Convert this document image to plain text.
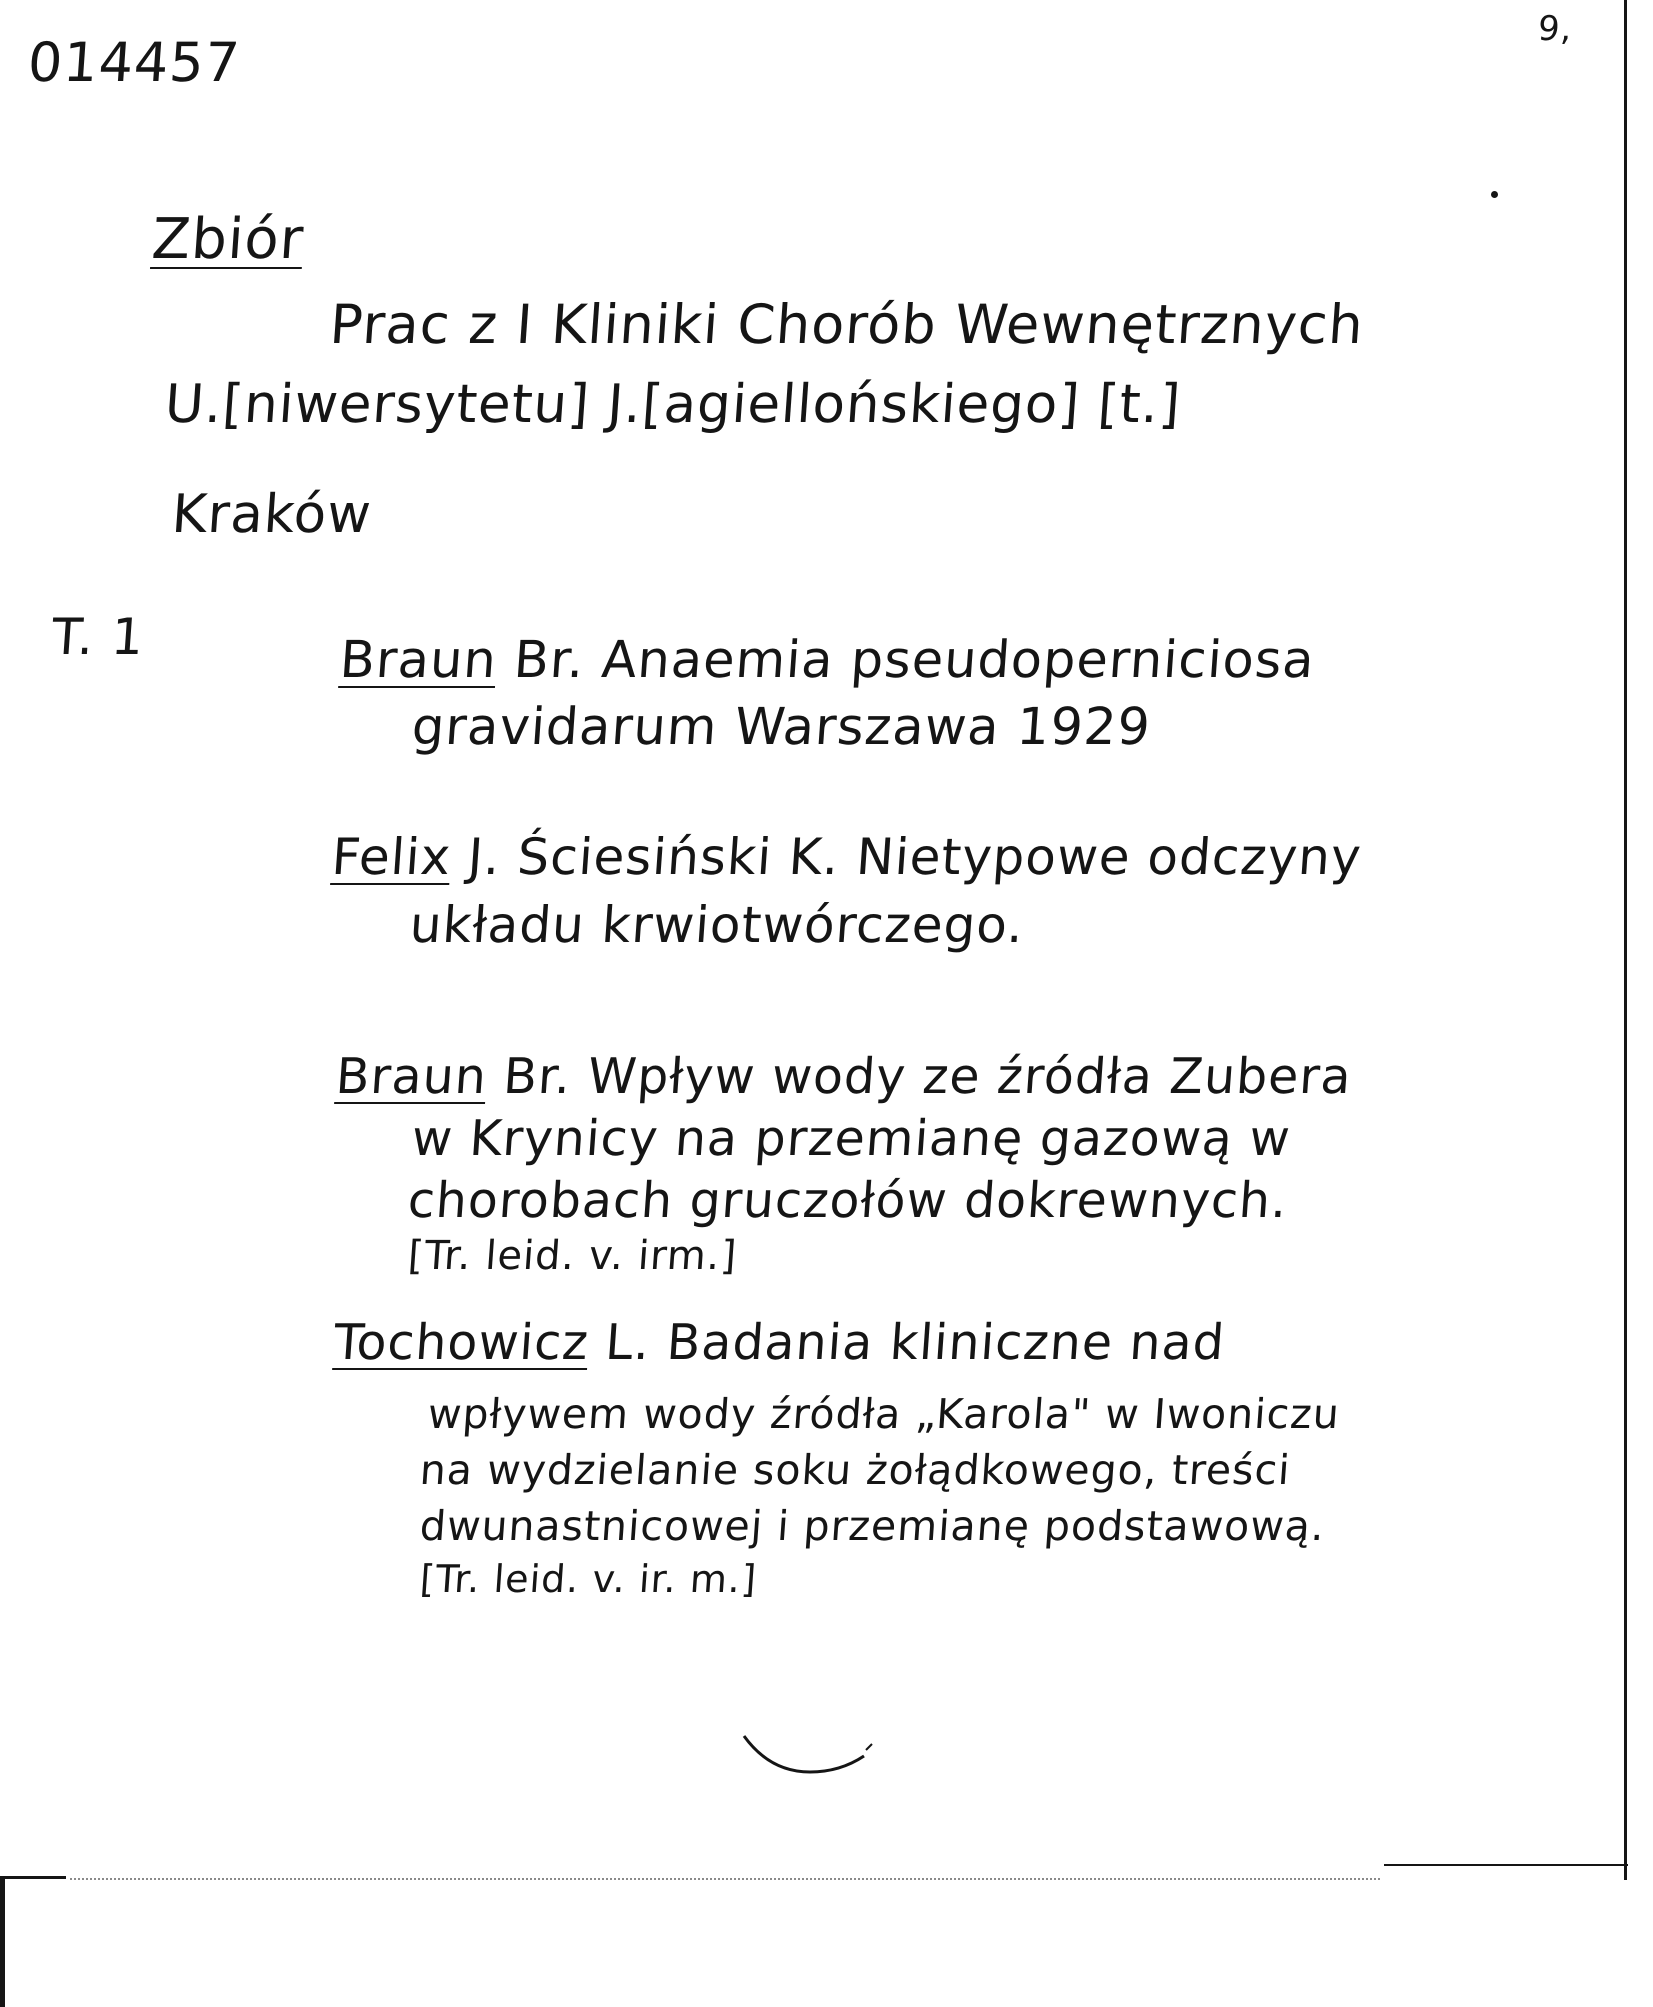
014457
9,
Zbiór
Prac z I Kliniki Chorób Wewnętrznych
U.[niwersytetu] J.[agiellońskiego] [t.]
Kraków
T. 1	Braun Br. Anaemia pseudoperniciosa
gravidarum Warszawa 1929
Felix J. Ściesiński K. Nietypowe odczyny
układu krwiotwórczego.
Braun Br. Wpływ wody ze źródła Zubera
w Krynicy na przemianę gazową w
chorobach gruczołów dokrewnych.
[Tr. leid. v. irm.]
Tochowicz L. Badania kliniczne nad
wpływem wody źródła „Karola" w Iwoniczu
na wydzielanie soku żołądkowego, treści
dwunastnicowej i przemianę podstawową.
[Tr. leid. v. ir. m.]
